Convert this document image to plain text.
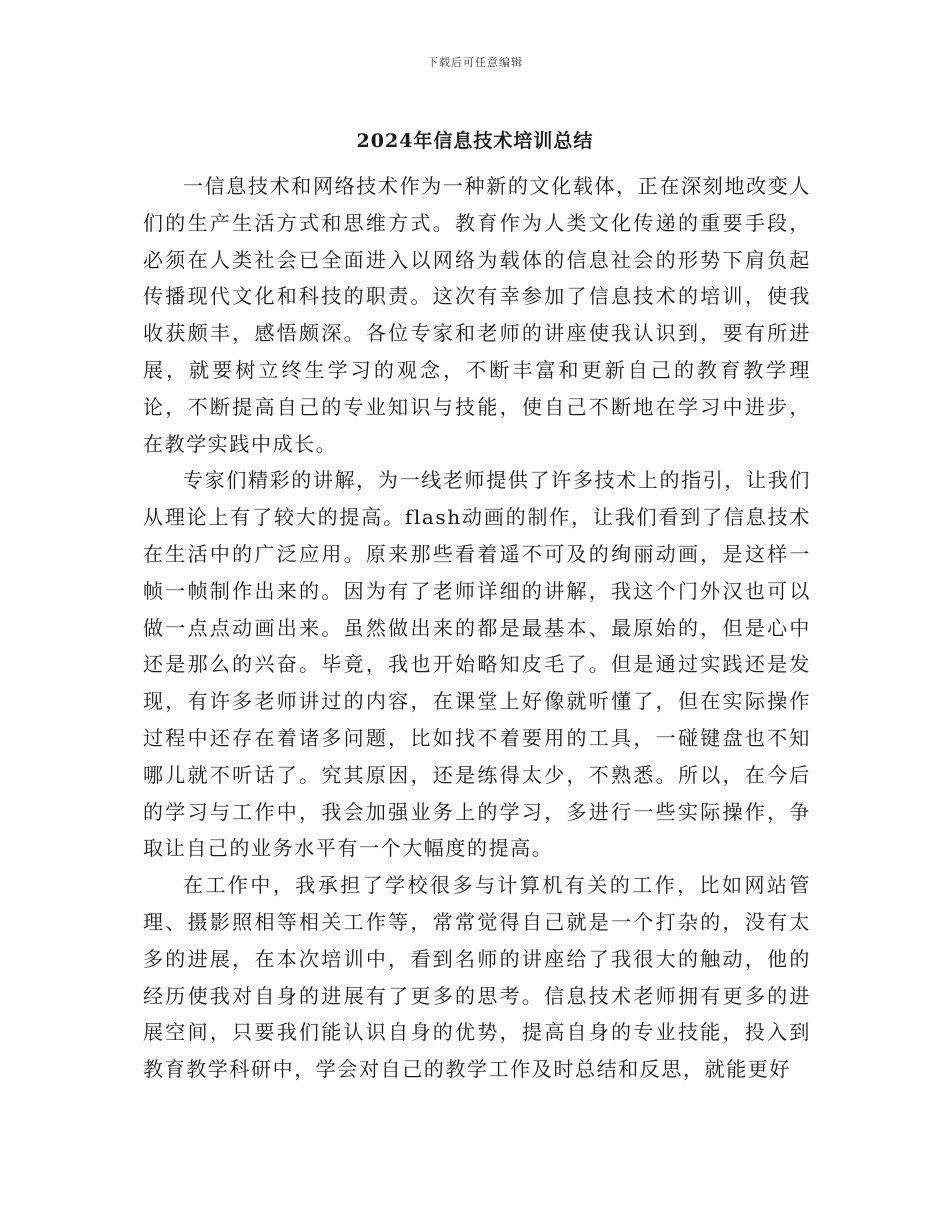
下载后可任意编辑
2024年信息技术培训总结

一信息技术和网络技术作为一种新的文化载体，正在深刻地改变人们的生产生活方式和思维方式。教育作为人类文化传递的重要手段，必须在人类社会已全面进入以网络为载体的信息社会的形势下肩负起传播现代文化和科技的职责。这次有幸参加了信息技术的培训，使我收获颇丰，感悟颇深。各位专家和老师的讲座使我认识到，要有所进展，就要树立终生学习的观念，不断丰富和更新自己的教育教学理论，不断提高自己的专业知识与技能，使自己不断地在学习中进步，在教学实践中成长。

专家们精彩的讲解，为一线老师提供了许多技术上的指引，让我们从理论上有了较大的提高。flash动画的制作，让我们看到了信息技术在生活中的广泛应用。原来那些看着遥不可及的绚丽动画，是这样一帧一帧制作出来的。因为有了老师详细的讲解，我这个门外汉也可以做一点点动画出来。虽然做出来的都是最基本、最原始的，但是心中还是那么的兴奋。毕竟，我也开始略知皮毛了。但是通过实践还是发现，有许多老师讲过的内容，在课堂上好像就听懂了，但在实际操作过程中还存在着诸多问题，比如找不着要用的工具，一碰键盘也不知哪儿就不听话了。究其原因，还是练得太少，不熟悉。所以，在今后的学习与工作中，我会加强业务上的学习，多进行一些实际操作，争取让自己的业务水平有一个大幅度的提高。

在工作中，我承担了学校很多与计算机有关的工作，比如网站管理、摄影照相等相关工作等，常常觉得自己就是一个打杂的，没有太多的进展，在本次培训中，看到名师的讲座给了我很大的触动，他的经历使我对自身的进展有了更多的思考。信息技术老师拥有更多的进展空间，只要我们能认识自身的优势，提高自身的专业技能，投入到教育教学科研中，学会对自己的教学工作及时总结和反思，就能更好
